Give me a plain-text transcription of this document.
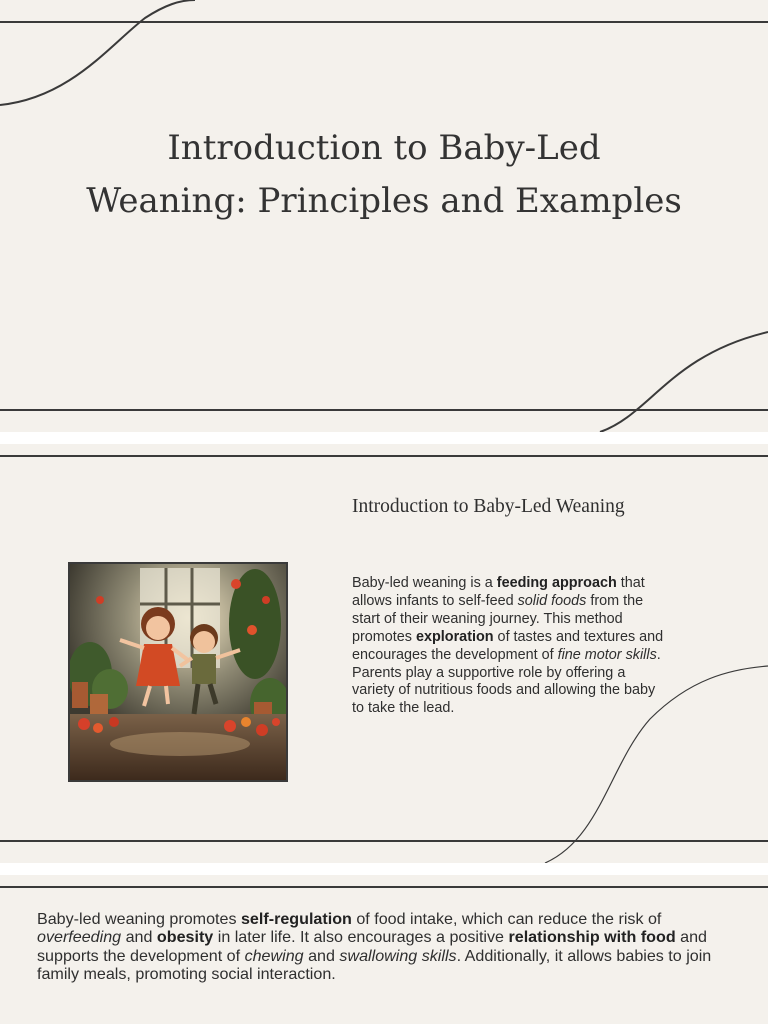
Introduction to Baby-Led
Weaning: Principles and Examples
Introduction to Baby-Led Weaning
Baby-led weaning is a feeding approach that allows infants to self-feed solid foods from the start of their weaning journey. This method promotes exploration of tastes and textures and encourages the development of fine motor skills. Parents play a supportive role by offering a variety of nutritious foods and allowing the baby to take the lead.
Baby-led weaning promotes self-regulation of food intake, which can reduce the risk of overfeeding and obesity in later life. It also encourages a positive relationship with food and supports the development of chewing and swallowing skills. Additionally, it allows babies to join family meals, promoting social interaction.
